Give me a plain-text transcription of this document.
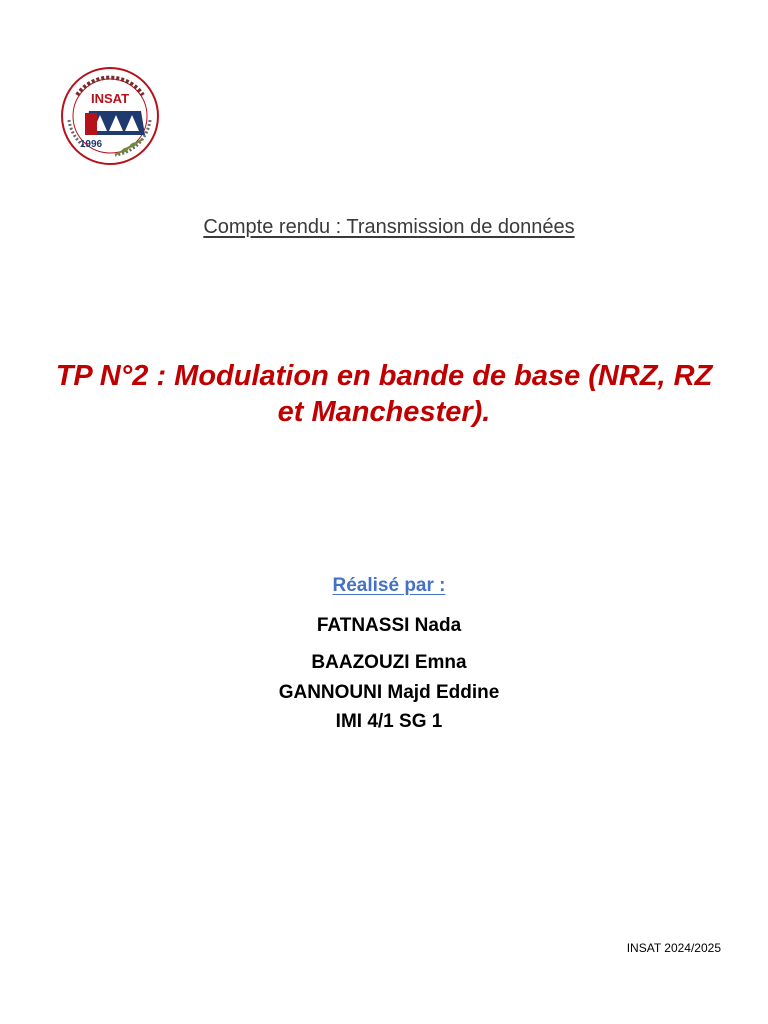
INSAT
1996
Compte rendu : Transmission de données
TP N°2 : Modulation en bande de base (NRZ, RZ
et Manchester).
Réalisé par :
FATNASSI Nada
BAAZOUZI Emna
GANNOUNI Majd Eddine
IMI 4/1 SG 1
INSAT 2024/2025
